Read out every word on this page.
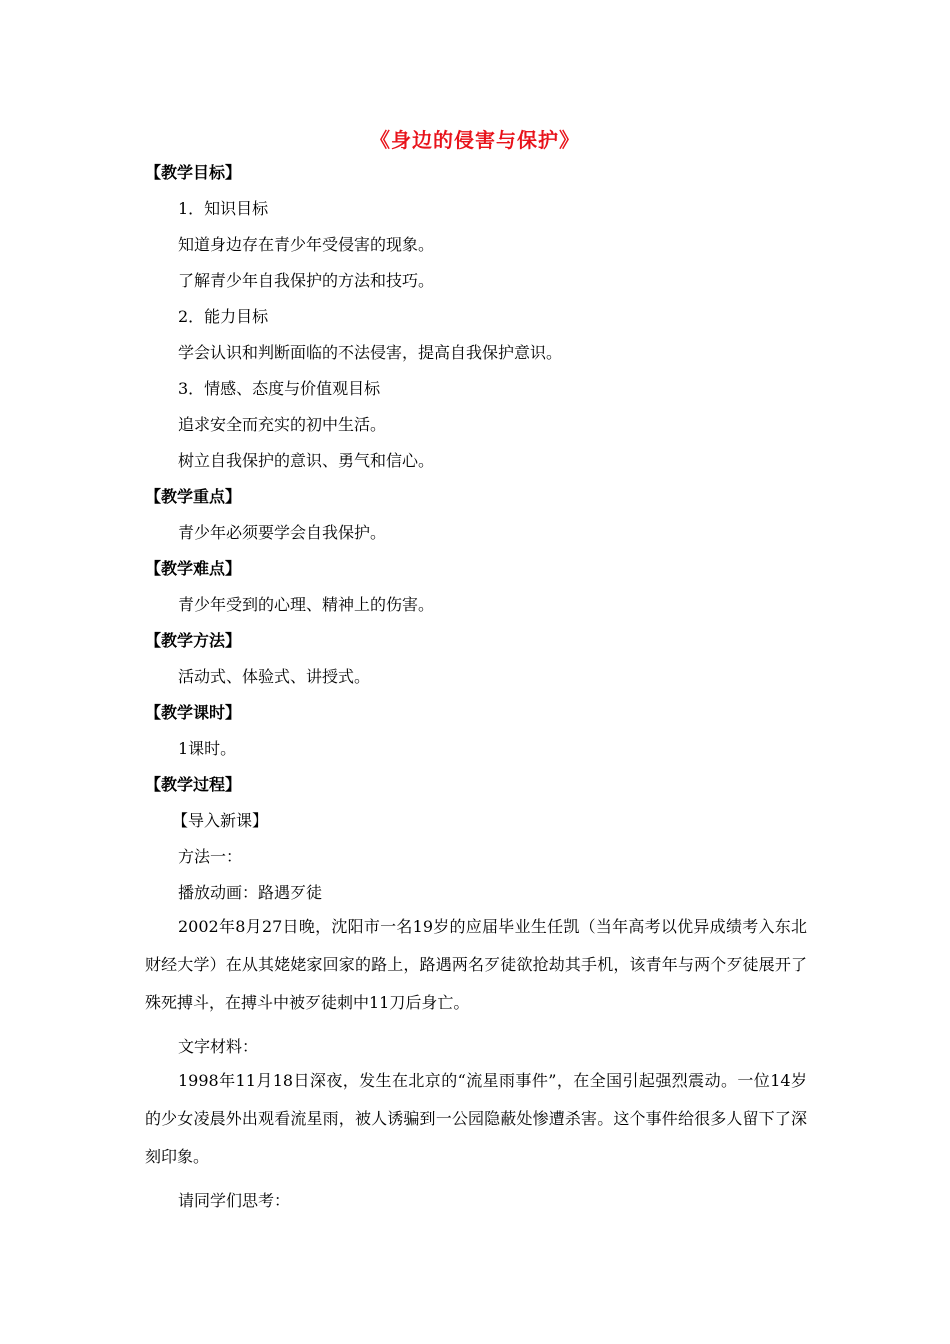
《身边的侵害与保护》
【教学目标】
1．知识目标
知道身边存在青少年受侵害的现象。
了解青少年自我保护的方法和技巧。
2．能力目标
学会认识和判断面临的不法侵害，提高自我保护意识。
3．情感、态度与价值观目标
追求安全而充实的初中生活。
树立自我保护的意识、勇气和信心。
【教学重点】
青少年必须要学会自我保护。
【教学难点】
青少年受到的心理、精神上的伤害。
【教学方法】
活动式、体验式、讲授式。
【教学课时】
1课时。
【教学过程】
【导入新课】
方法一：
播放动画：路遇歹徒
2002年8月27日晚，沈阳市一名19岁的应届毕业生任凯（当年高考以优异成绩考入东北财经大学）在从其姥姥家回家的路上，路遇两名歹徒欲抢劫其手机，该青年与两个歹徒展开了殊死搏斗，在搏斗中被歹徒刺中11刀后身亡。
文字材料：
1998年11月18日深夜，发生在北京的“流星雨事件”，在全国引起强烈震动。一位14岁的少女凌晨外出观看流星雨，被人诱骗到一公园隐蔽处惨遭杀害。这个事件给很多人留下了深刻印象。
请同学们思考：
